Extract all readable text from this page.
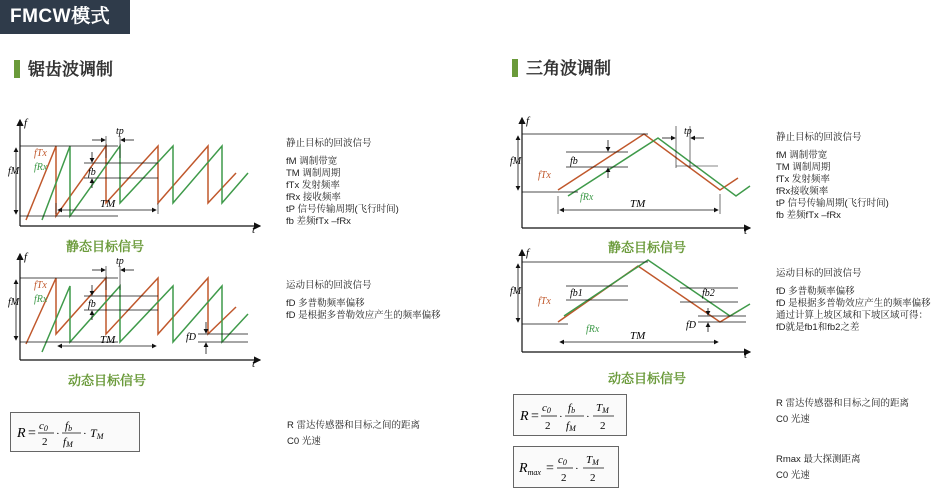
FMCW模式
锯齿波调制	三角波调制
f
t
fM
fTx
fRx	fb
tp
TM
静态目标信号
静止目标的回波信号
fM 调制带宽
TM 调制周期
fTx 发射频率
fRx 接收频率
tP 信号传输周期(飞行时间)
fb 差频fTx –fRx
f
t
fM
fTx
fRx	fb
tp
TM	fD
动态目标信号
运动目标的回波信号
fD 多普勒频率偏移
fD 是根据多普勒效应产生的频率偏移
R = c0
2
·
fb
fM
· TM
R 雷达传感器和目标之间的距离
C0 光速
f
t
fM
fTx
fRx
fb
tp
TM
静态目标信号
静止目标的回波信号
fM 调制带宽
TM 调制周期
fTx 发射频率
fRx接收频率
tP 信号传输周期(飞行时间)
fb 差频fTx –fRx
f
t
fM
fTx
fRx
fb1	fb2
fD
TM
动态目标信号
运动目标的回波信号
fD 多普勒频率偏移
fD 是根据多普勒效应产生的频率偏移
通过计算上坡区域和下坡区域可得：
fD就是fb1和fb2之差
R =
c0
2
·
fb
fM
·
TM
2
R 雷达传感器和目标之间的距离
C0 光速
$R_{max}$ =
c0
2
·
TM
2
Rmax 最大探测距离
C0 光速
